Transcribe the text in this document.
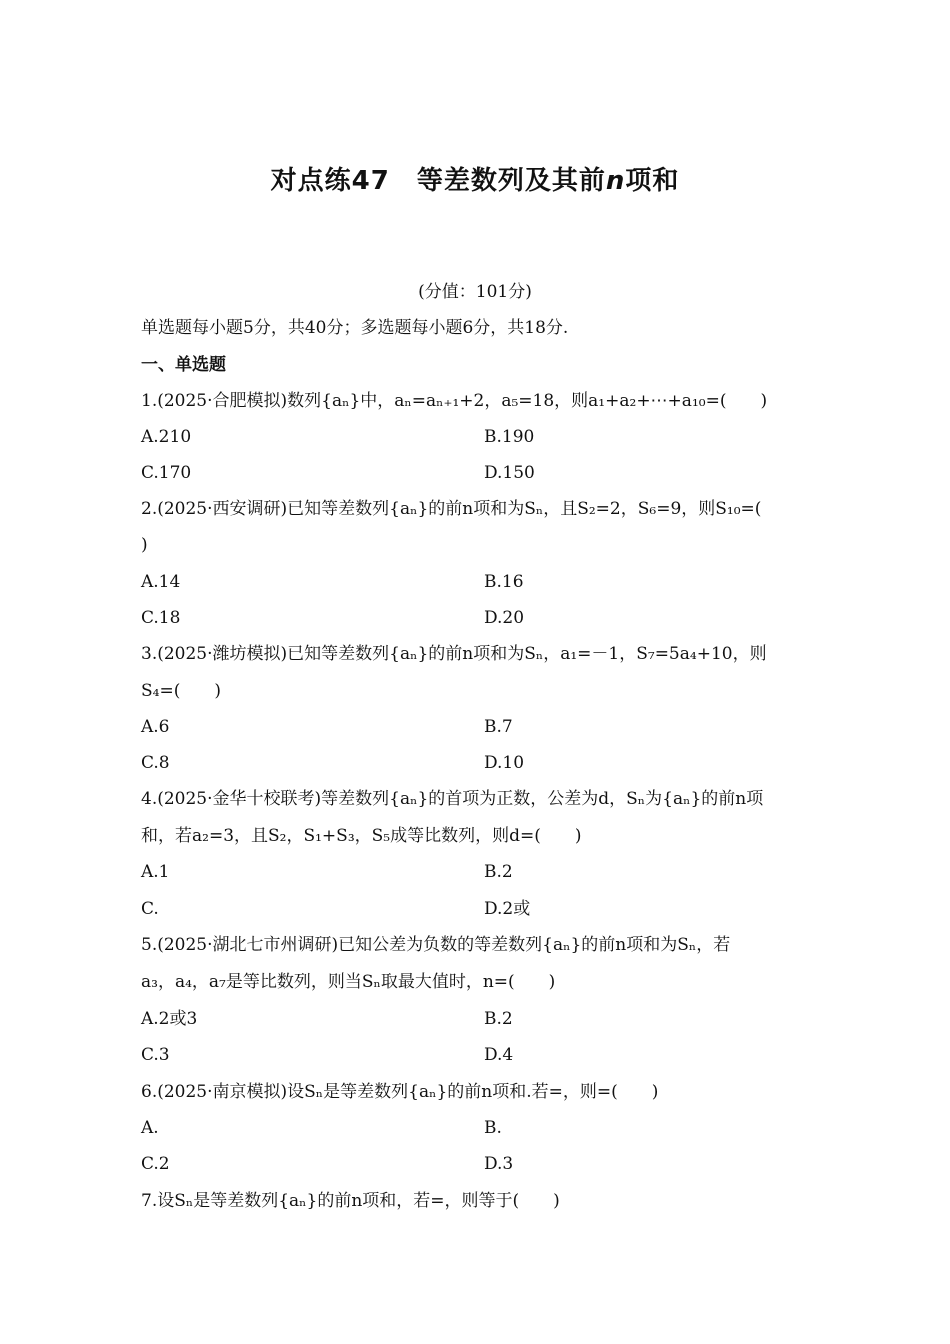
对点练47　等差数列及其前n项和
(分值：101分)
单选题每小题5分，共40分；多选题每小题6分，共18分.
一、单选题
1.(2025·合肥模拟)数列{aₙ}中，aₙ=aₙ₊₁+2，a₅=18，则a₁+a₂+⋯+a₁₀=(　　)
A.210	B.190
C.170	D.150
2.(2025·西安调研)已知等差数列{aₙ}的前n项和为Sₙ，且S₂=2，S₆=9，则S₁₀=(
)
A.14	B.16
C.18	D.20
3.(2025·潍坊模拟)已知等差数列{aₙ}的前n项和为Sₙ，a₁=－1，S₇=5a₄+10，则
S₄=(　　)
A.6	B.7
C.8	D.10
4.(2025·金华十校联考)等差数列{aₙ}的首项为正数，公差为d，Sₙ为{aₙ}的前n项
和，若a₂=3，且S₂，S₁+S₃，S₅成等比数列，则d=(　　)
A.1	B.2
C.	D.2或
5.(2025·湖北七市州调研)已知公差为负数的等差数列{aₙ}的前n项和为Sₙ，若
a₃，a₄，a₇是等比数列，则当Sₙ取最大值时，n=(　　)
A.2或3	B.2
C.3	D.4
6.(2025·南京模拟)设Sₙ是等差数列{aₙ}的前n项和.若=，则=(　　)
A.	B.
C.2	D.3
7.设Sₙ是等差数列{aₙ}的前n项和，若=，则等于(　　)
